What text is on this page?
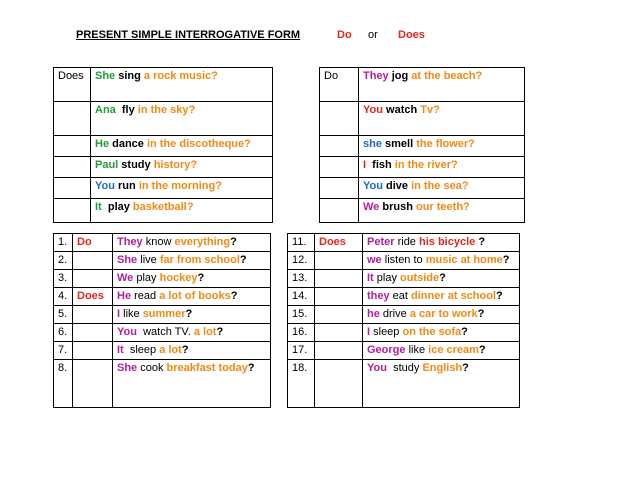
PRESENT SIMPLE INTERROGATIVE FORM	Do or Does
Does	She sing a rock music?
	Ana  fly in the sky?
	He dance in the discotheque?
	Paul study history?
	You run in the morning?
	It  play basketball?
Do	They jog at the beach?
	You watch Tv?
	she smell the flower?
	I  fish in the river?
	You dive in the sea?
	We brush our teeth?
1.	Do	They know everything?
2.		She live far from school?
3.		We play hockey?
4.	Does	He read a lot of books?
5.		I like summer?
6.		You  watch TV. a lot?
7.		It  sleep a lot?
8.		She cook breakfast today?
11.	Does	Peter ride his bicycle ?
12.		we listen to music at home?
13.		It play outside?
14.		they eat dinner at school?
15.		he drive a car to work?
16.		I sleep on the sofa?
17.		George like ice cream?
18.		You  study English?
